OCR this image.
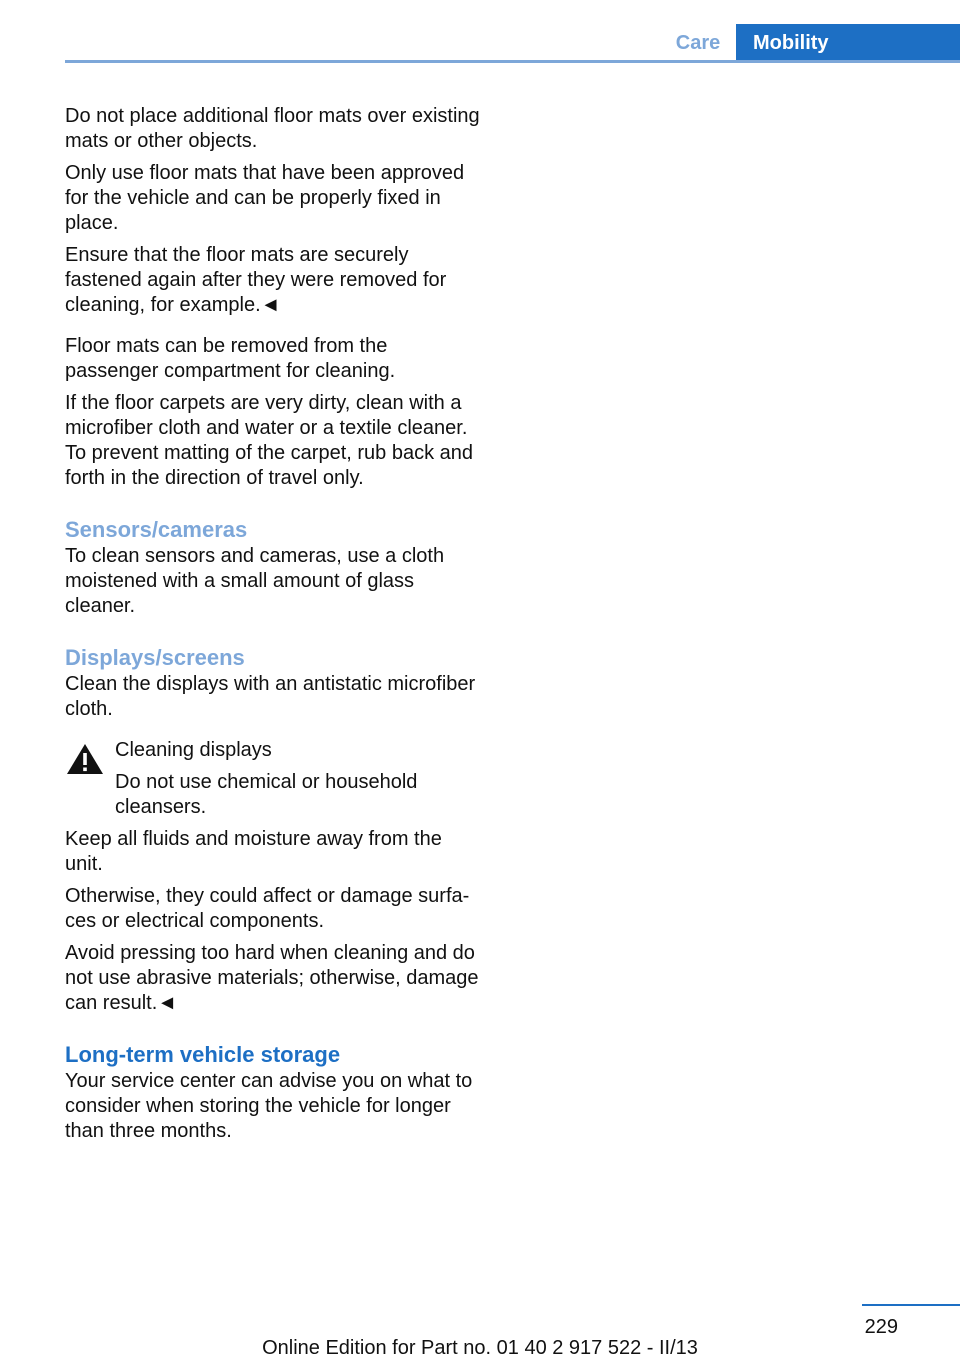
Care	Mobility

Do not place additional floor mats over existing mats or other objects.

Only use floor mats that have been approved for the vehicle and can be properly fixed in place.

Ensure that the floor mats are securely fastened again after they were removed for cleaning, for example.◄

Floor mats can be removed from the passenger compartment for cleaning.

If the floor carpets are very dirty, clean with a microfiber cloth and water or a textile cleaner. To prevent matting of the carpet, rub back and forth in the direction of travel only.

Sensors/cameras

To clean sensors and cameras, use a cloth moistened with a small amount of glass cleaner.

Displays/screens

Clean the displays with an antistatic microfiber cloth.

Cleaning displays

Do not use chemical or household cleansers.

Keep all fluids and moisture away from the unit.

Otherwise, they could affect or damage surfaces or electrical components.

Avoid pressing too hard when cleaning and do not use abrasive materials; otherwise, damage can result.◄

Long-term vehicle storage

Your service center can advise you on what to consider when storing the vehicle for longer than three months.

229
Online Edition for Part no. 01 40 2 917 522 - II/13
